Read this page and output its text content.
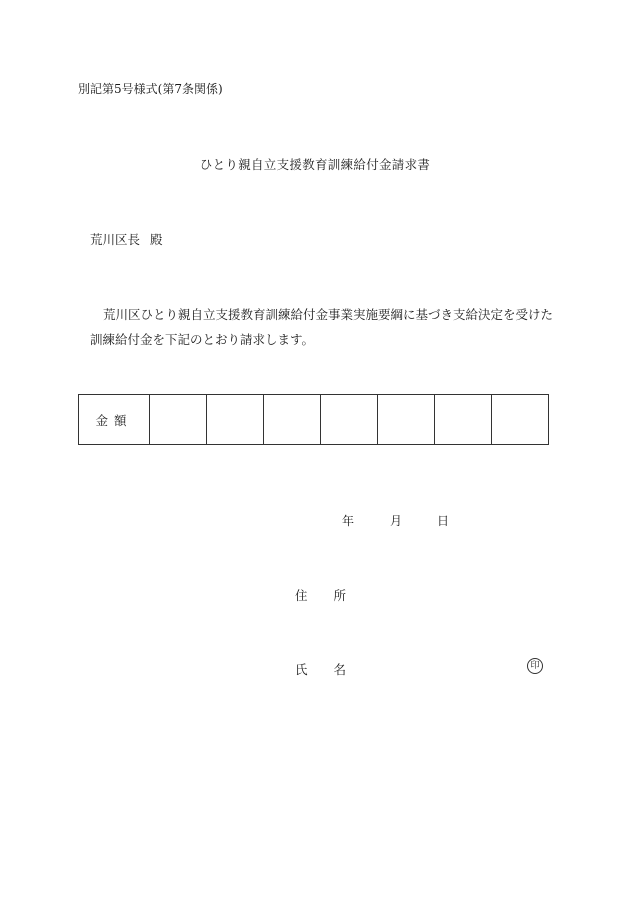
別記第5号様式(第7条関係)
ひとり親自立支援教育訓練給付金請求書
荒川区長 殿
荒川区ひとり親自立支援教育訓練給付金事業実施要綱に基づき支給決定を受けた訓練給付金を下記のとおり請求します。
金額							
年	月	日
住所
氏名	印
